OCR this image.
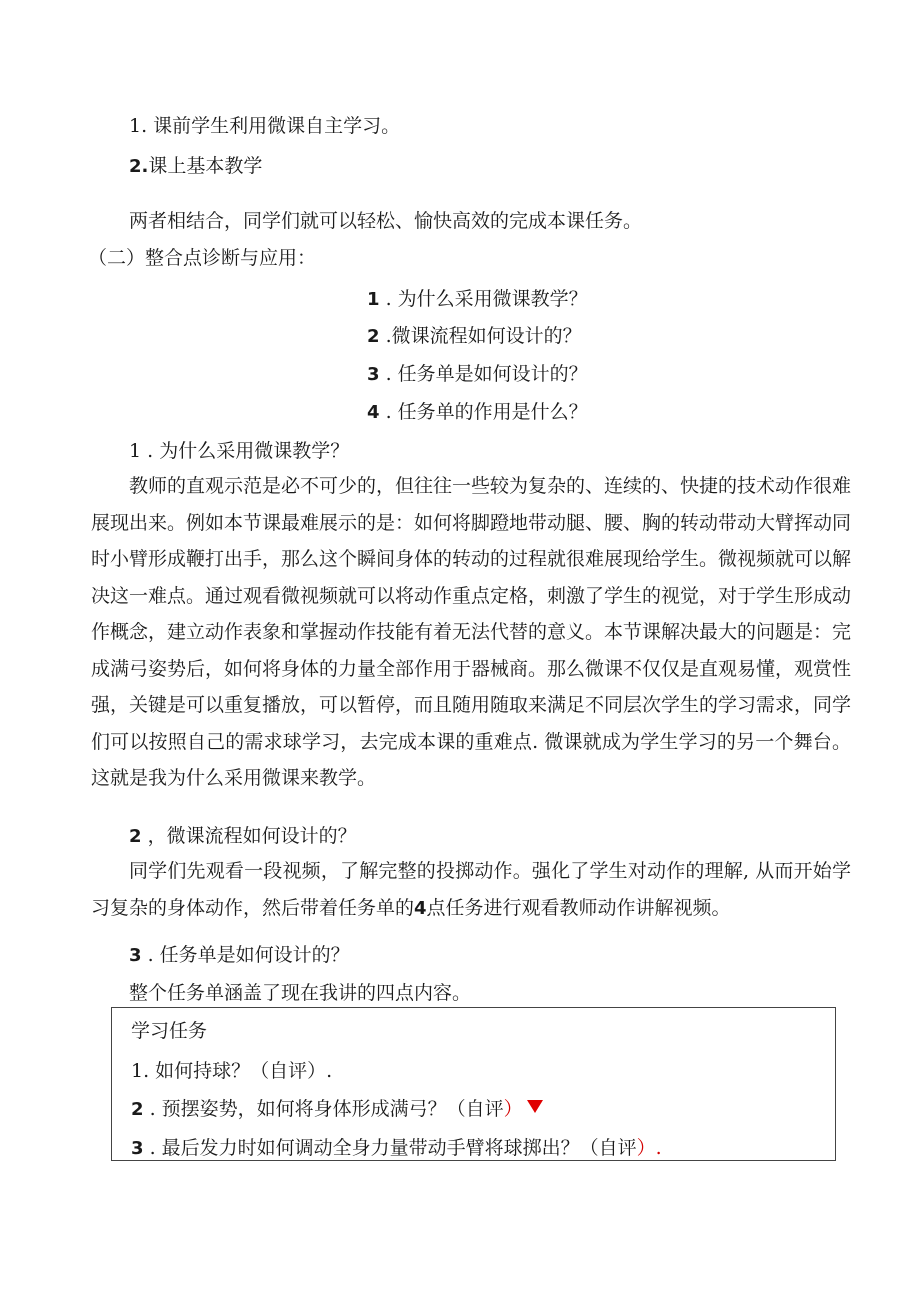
1. 课前学生利用微课自主学习。
2.课上基本教学
两者相结合，同学们就可以轻松、愉快高效的完成本课任务。
（二）整合点诊断与应用：
1 . 为什么采用微课教学？
2 .微课流程如何设计的？
3 . 任务单是如何设计的？
4 . 任务单的作用是什么？
1 . 为什么采用微课教学？

教师的直观示范是必不可少的，但往往一些较为复杂的、连续的、快捷的技术动作很难展现出来。例如本节课最难展示的是：如何将脚蹬地带动腿、腰、胸的转动带动大臂挥动同时小臂形成鞭打出手，那么这个瞬间身体的转动的过程就很难展现给学生。微视频就可以解决这一难点。通过观看微视频就可以将动作重点定格，刺激了学生的视觉，对于学生形成动作概念，建立动作表象和掌握动作技能有着无法代替的意义。本节课解决最大的问题是：完成满弓姿势后，如何将身体的力量全部作用于器械商。那么微课不仅仅是直观易懂，观赏性强，关键是可以重复播放，可以暂停，而且随用随取来满足不同层次学生的学习需求，同学们可以按照自己的需求球学习，去完成本课的重难点. 微课就成为学生学习的另一个舞台。这就是我为什么采用微课来教学。

2 ，微课流程如何设计的？

同学们先观看一段视频，了解完整的投掷动作。强化了学生对动作的理解, 从而开始学习复杂的身体动作，然后带着任务单的4点任务进行观看教师动作讲解视频。

3 . 任务单是如何设计的？
整个任务单涵盖了现在我讲的四点内容。
学习任务
1. 如何持球？（自评）.
2 . 预摆姿势，如何将身体形成满弓？（自评）
3 . 最后发力时如何调动全身力量带动手臂将球掷出？（自评）.
